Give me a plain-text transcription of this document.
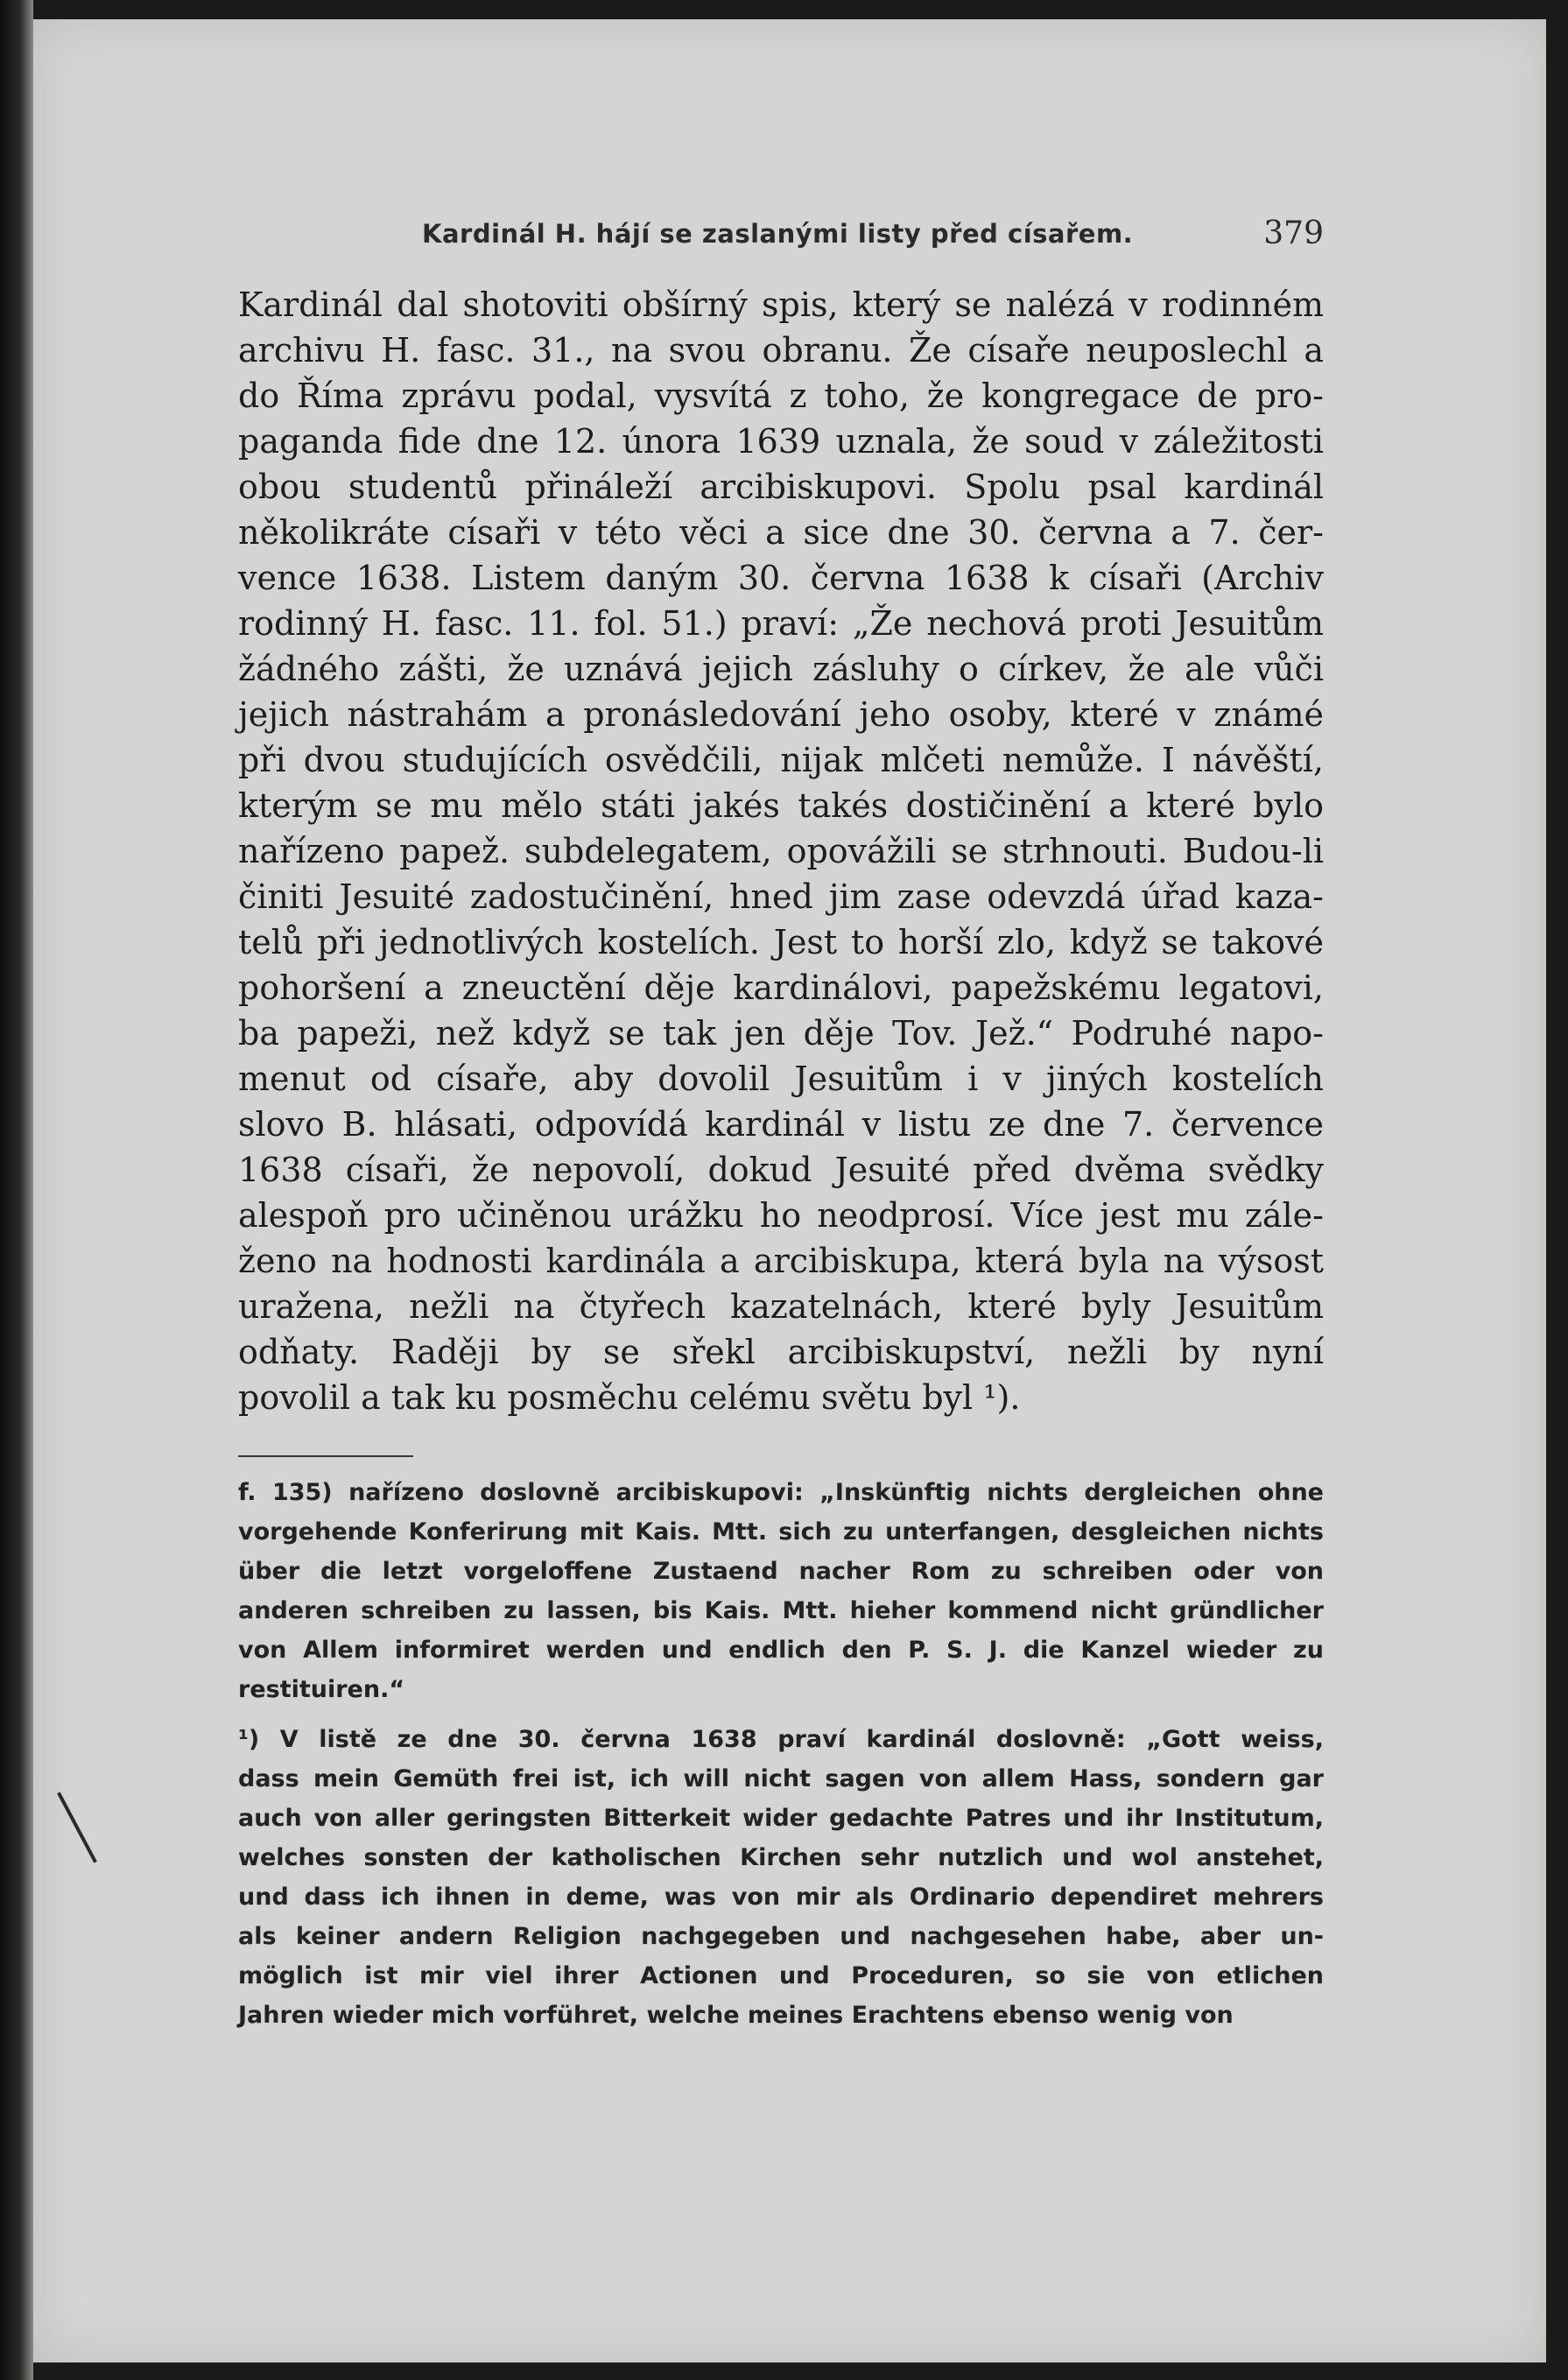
Kardinál H. hájí se zaslanými listy před císařem.	379
Kardinál dal shotoviti obšírný spis, který se nalézá v rodinném
archivu H. fasc. 31., na svou obranu. Že císaře neuposlechl a
do Říma zprávu podal, vysvítá z toho, že kongregace de pro-
paganda fide dne 12. února 1639 uznala, že soud v záležitosti
obou studentů přináleží arcibiskupovi. Spolu psal kardinál
několikráte císaři v této věci a sice dne 30. června a 7. čer-
vence 1638. Listem daným 30. června 1638 k císaři (Archiv
rodinný H. fasc. 11. fol. 51.) praví: „Že nechová proti Jesuitům
žádného zášti, že uznává jejich zásluhy o církev, že ale vůči
jejich nástrahám a pronásledování jeho osoby, které v známé
při dvou studujících osvědčili, nijak mlčeti nemůže. I návěští,
kterým se mu mělo státi jakés takés dostičinění a které bylo
nařízeno papež. subdelegatem, opovážili se strhnouti. Budou-li
činiti Jesuité zadostučinění, hned jim zase odevzdá úřad kaza-
telů při jednotlivých kostelích. Jest to horší zlo, když se takové
pohoršení a zneuctění děje kardinálovi, papežskému legatovi,
ba papeži, než když se tak jen děje Tov. Jež.“ Podruhé napo-
menut od císaře, aby dovolil Jesuitům i v jiných kostelích
slovo B. hlásati, odpovídá kardinál v listu ze dne 7. července
1638 císaři, že nepovolí, dokud Jesuité před dvěma svědky
alespoň pro učiněnou urážku ho neodprosí. Více jest mu zále-
ženo na hodnosti kardinála a arcibiskupa, která byla na výsost
uražena, nežli na čtyřech kazatelnách, které byly Jesuitům
odňaty. Raději by se sřekl arcibiskupství, nežli by nyní
povolil a tak ku posměchu celému světu byl ¹).
f. 135) nařízeno doslovně arcibiskupovi: „Inskünftig nichts dergleichen ohne
vorgehende Konferirung mit Kais. Mtt. sich zu unterfangen, desgleichen nichts
über die letzt vorgeloffene Zustaend nacher Rom zu schreiben oder von
anderen schreiben zu lassen, bis Kais. Mtt. hieher kommend nicht gründlicher
von Allem informiret werden und endlich den P. S. J. die Kanzel wieder zu
restituiren.“
¹) V listě ze dne 30. června 1638 praví kardinál doslovně: „Gott weiss,
dass mein Gemüth frei ist, ich will nicht sagen von allem Hass, sondern gar
auch von aller geringsten Bitterkeit wider gedachte Patres und ihr Institutum,
welches sonsten der katholischen Kirchen sehr nutzlich und wol anstehet,
und dass ich ihnen in deme, was von mir als Ordinario dependiret mehrers
als keiner andern Religion nachgegeben und nachgesehen habe, aber un-
möglich ist mir viel ihrer Actionen und Proceduren, so sie von etlichen
Jahren wieder mich vorführet, welche meines Erachtens ebenso wenig von
